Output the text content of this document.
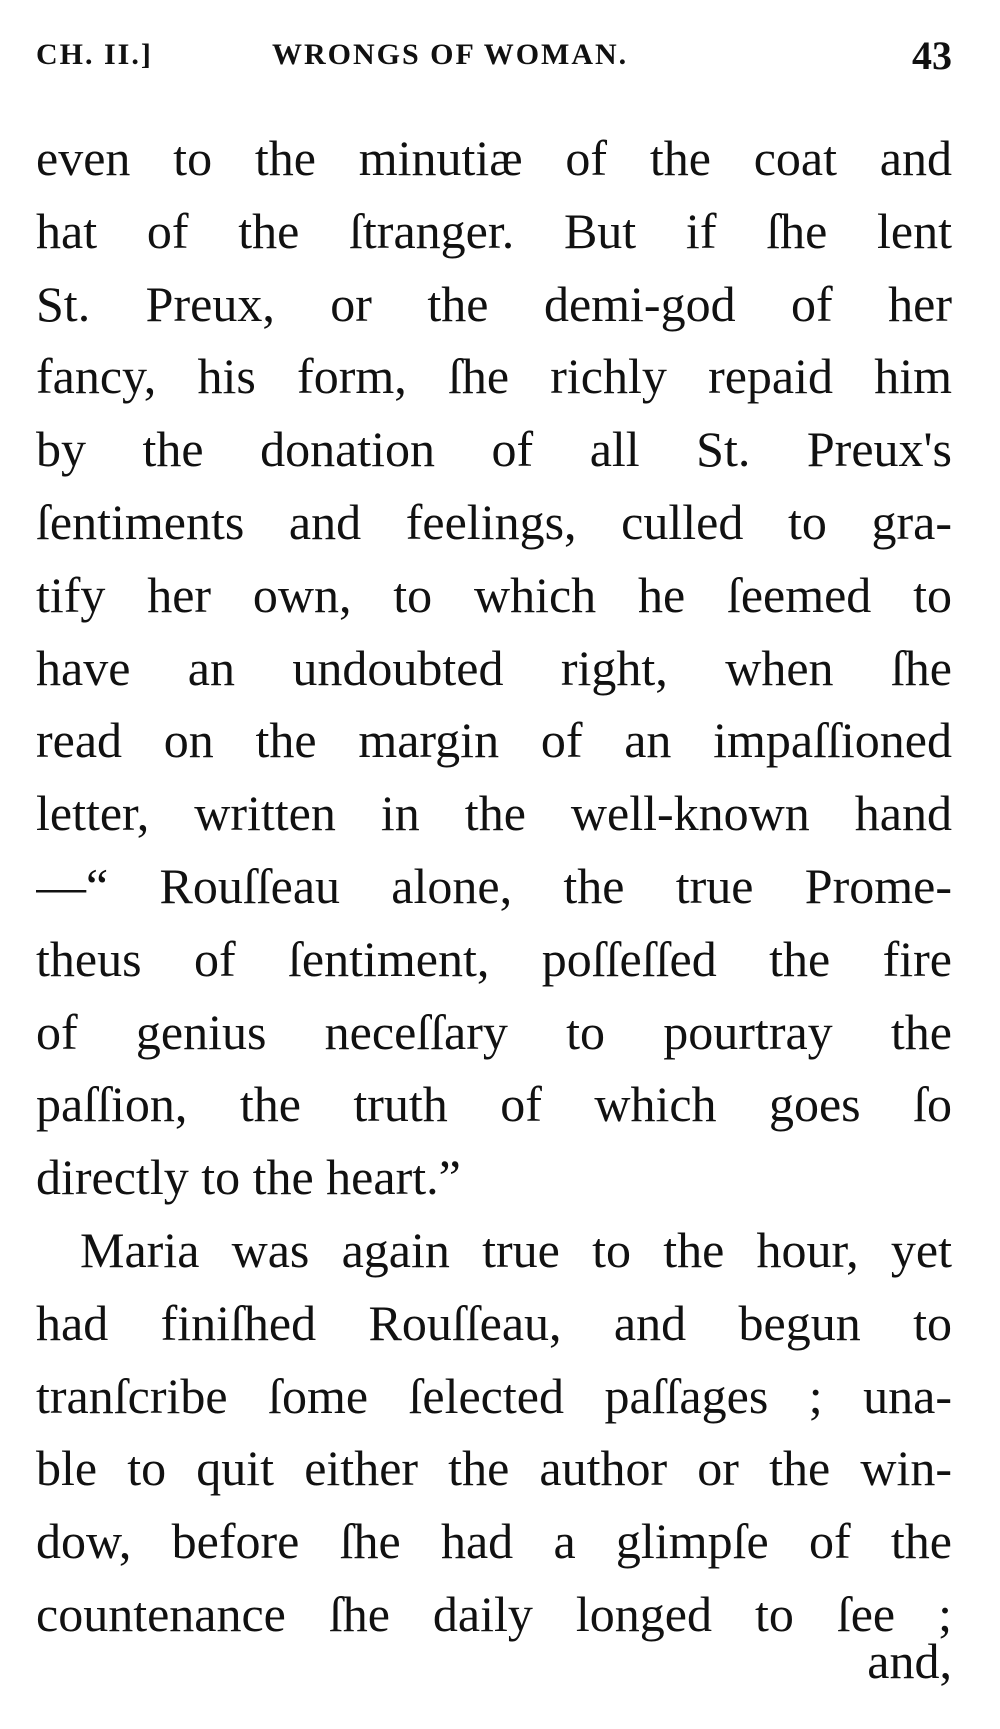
CH. II.]	WRONGS OF WOMAN.	43
even to the minutiæ of the coat and
hat of the ſtranger. But if ſhe lent
St. Preux, or the demi-god of her
fancy, his form, ſhe richly repaid him
by the donation of all St. Preux's
ſentiments and feelings, culled to gra-
tify her own, to which he ſeemed to
have an undoubted right, when ſhe
read on the margin of an impaſſioned
letter, written in the well-known hand
—“ Rouſſeau alone, the true Prome-
theus of ſentiment, poſſeſſed the fire
of genius neceſſary to pourtray the
paſſion, the truth of which goes ſo
directly to the heart.”
Maria was again true to the hour, yet
had finiſhed Rouſſeau, and begun to
tranſcribe ſome ſelected paſſages ; una-
ble to quit either the author or the win-
dow, before ſhe had a glimpſe of the
countenance ſhe daily longed to ſee ;
and,
